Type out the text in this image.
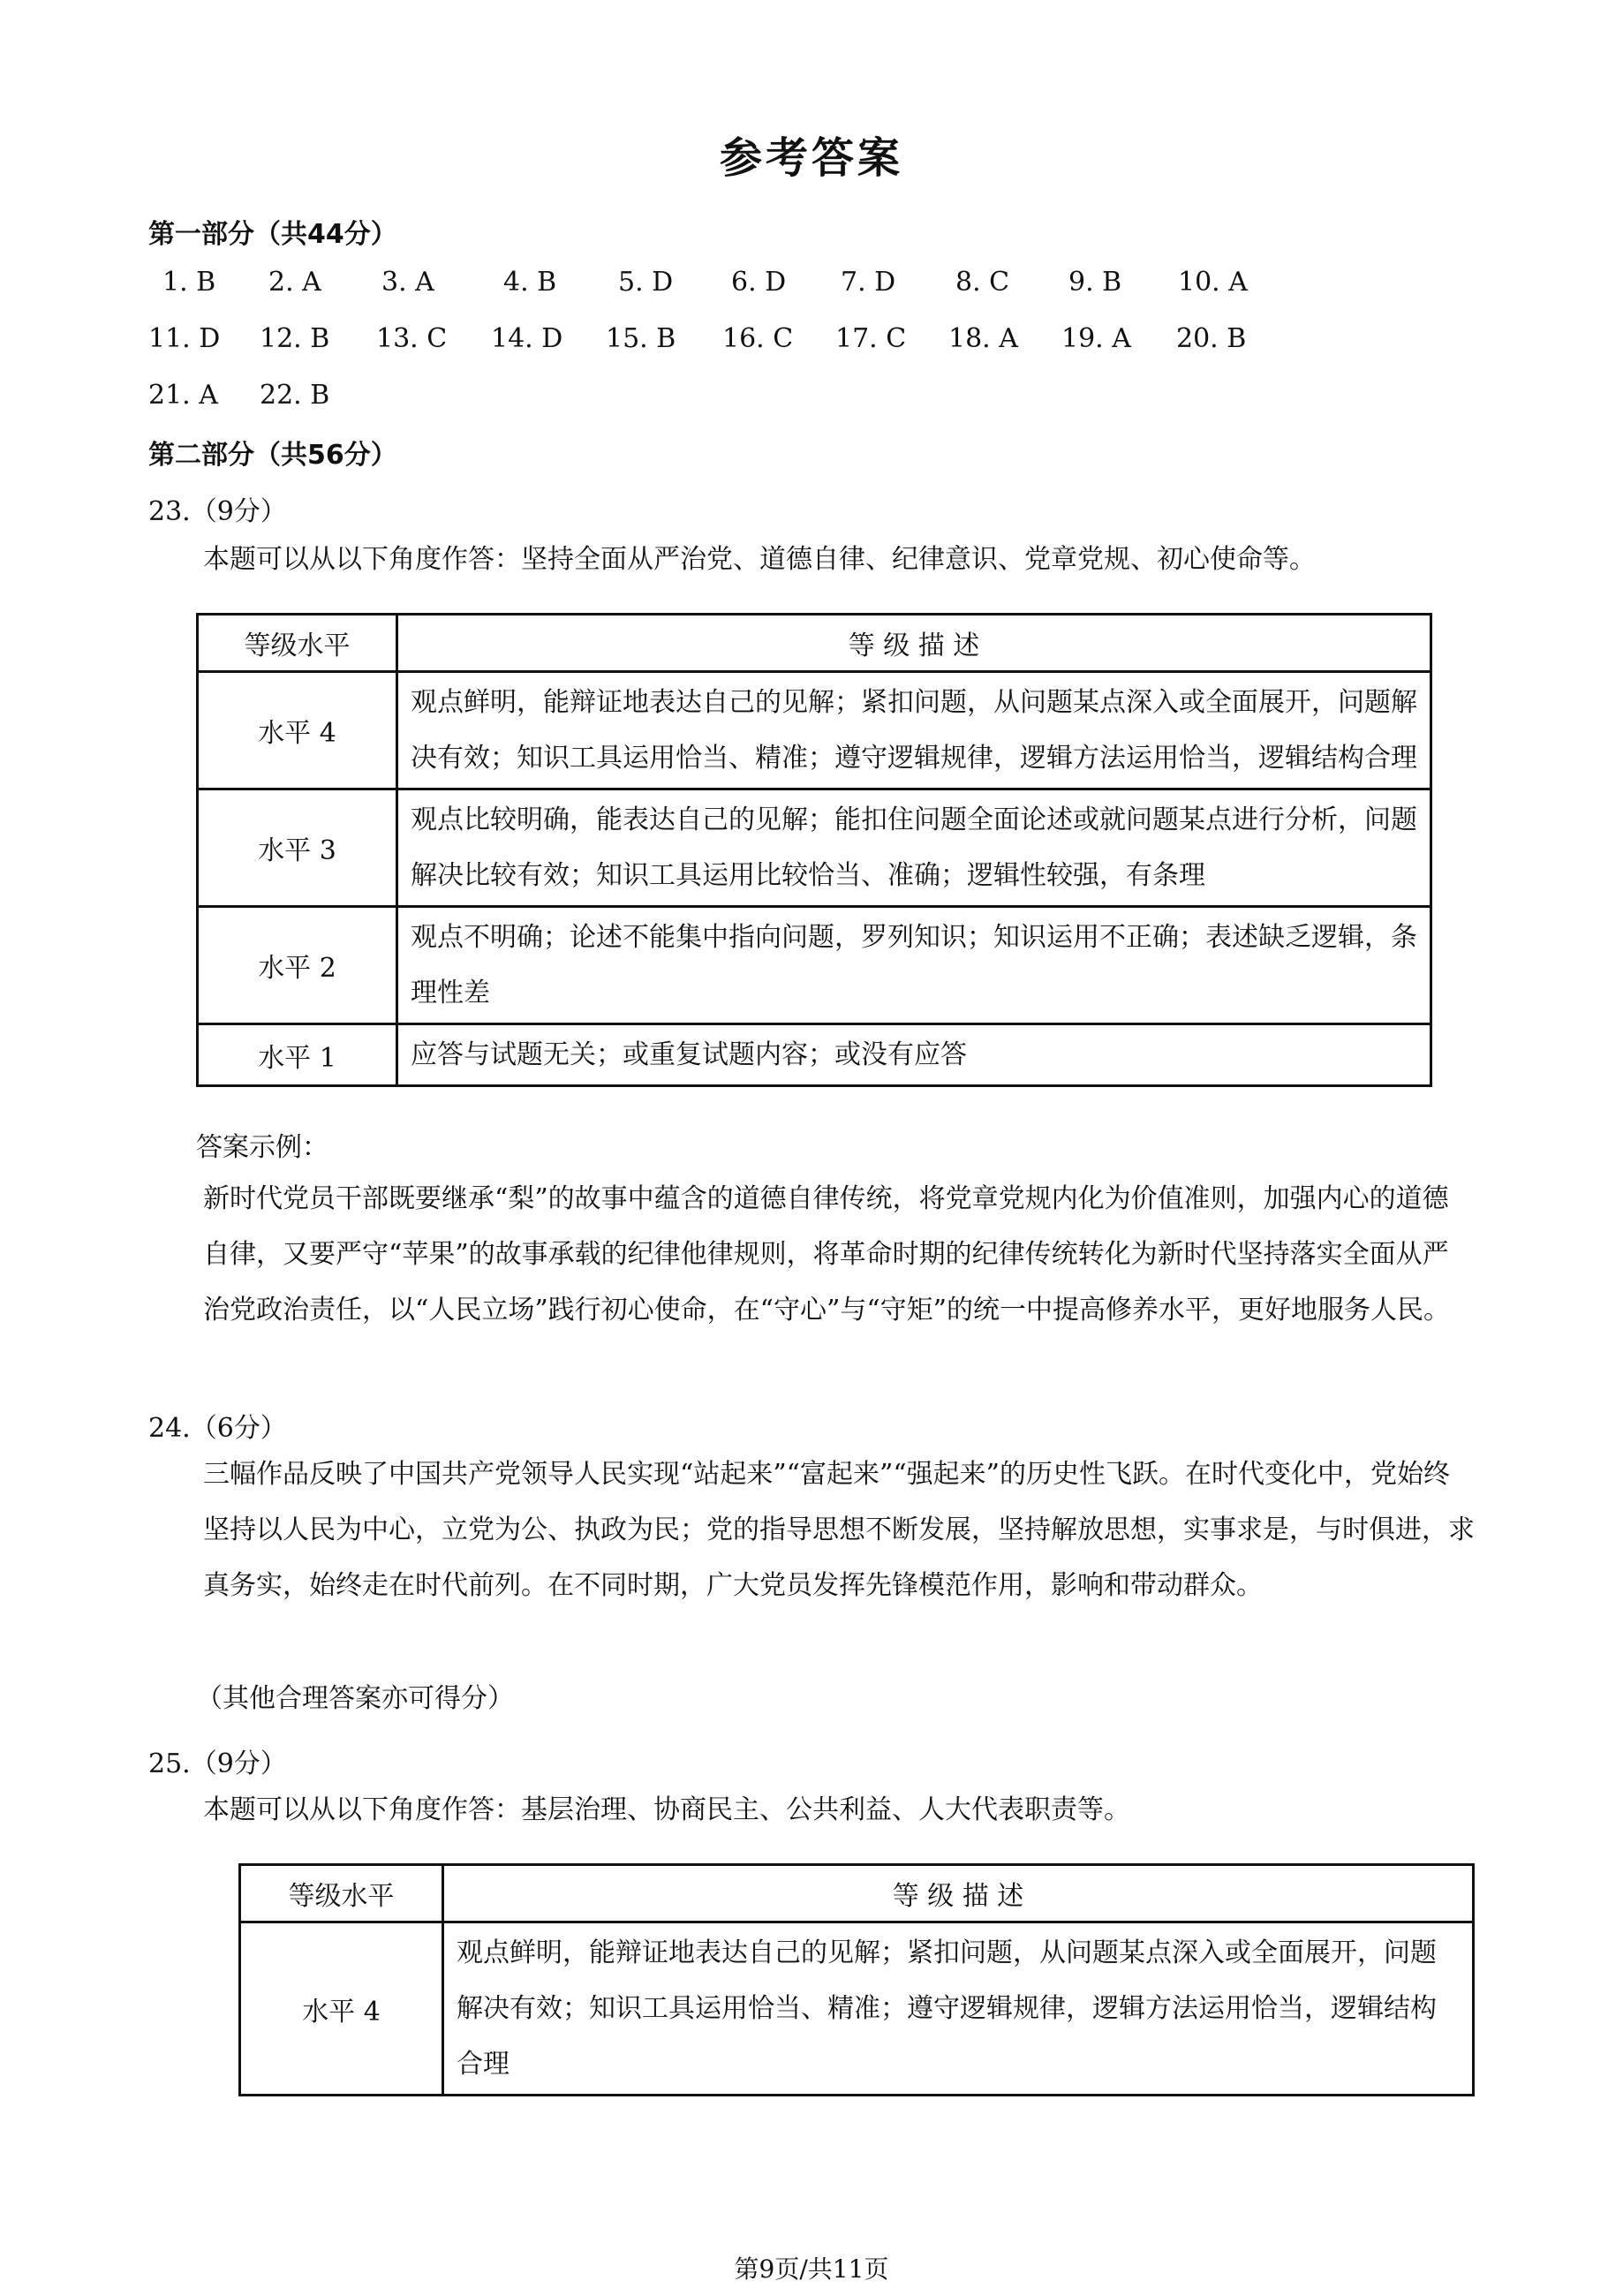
参考答案
第一部分（共44分）
1. B 2. A 3. A	4. B 5. D 6. D 7. D 8. C 9. B 10. A
11. D 12. B 13. C 14. D 15. B 16. C 17. C 18. A 19. A 20. B
21. A 22. B
第二部分（共56分）
23.（9分）
本题可以从以下角度作答：坚持全面从严治党、道德自律、纪律意识、党章党规、初心使命等。
等级水平	等 级 描 述
水平 4	观点鲜明，能辩证地表达自己的见解；紧扣问题，从问题某点深入或全面展开，问题解决有效；知识工具运用恰当、精准；遵守逻辑规律，逻辑方法运用恰当，逻辑结构合理
水平 3	观点比较明确，能表达自己的见解；能扣住问题全面论述或就问题某点进行分析，问题解决比较有效；知识工具运用比较恰当、准确；逻辑性较强，有条理
水平 2	观点不明确；论述不能集中指向问题，罗列知识；知识运用不正确；表述缺乏逻辑，条理性差
水平 1	应答与试题无关；或重复试题内容；或没有应答
答案示例：
新时代党员干部既要继承“梨”的故事中蕴含的道德自律传统，将党章党规内化为价值准则，加强内心的道德自律，又要严守“苹果”的故事承载的纪律他律规则，将革命时期的纪律传统转化为新时代坚持落实全面从严治党政治责任，以“人民立场”践行初心使命，在“守心”与“守矩”的统一中提高修养水平，更好地服务人民。
24.（6分）
三幅作品反映了中国共产党领导人民实现“站起来”“富起来”“强起来”的历史性飞跃。在时代变化中，党始终坚持以人民为中心，立党为公、执政为民；党的指导思想不断发展，坚持解放思想，实事求是，与时俱进，求真务实，始终走在时代前列。在不同时期，广大党员发挥先锋模范作用，影响和带动群众。
（其他合理答案亦可得分）
25.（9分）
本题可以从以下角度作答：基层治理、协商民主、公共利益、人大代表职责等。
等级水平	等 级 描 述
水平 4	观点鲜明，能辩证地表达自己的见解；紧扣问题，从问题某点深入或全面展开，问题解决有效；知识工具运用恰当、精准；遵守逻辑规律，逻辑方法运用恰当，逻辑结构合理
第9页/共11页
